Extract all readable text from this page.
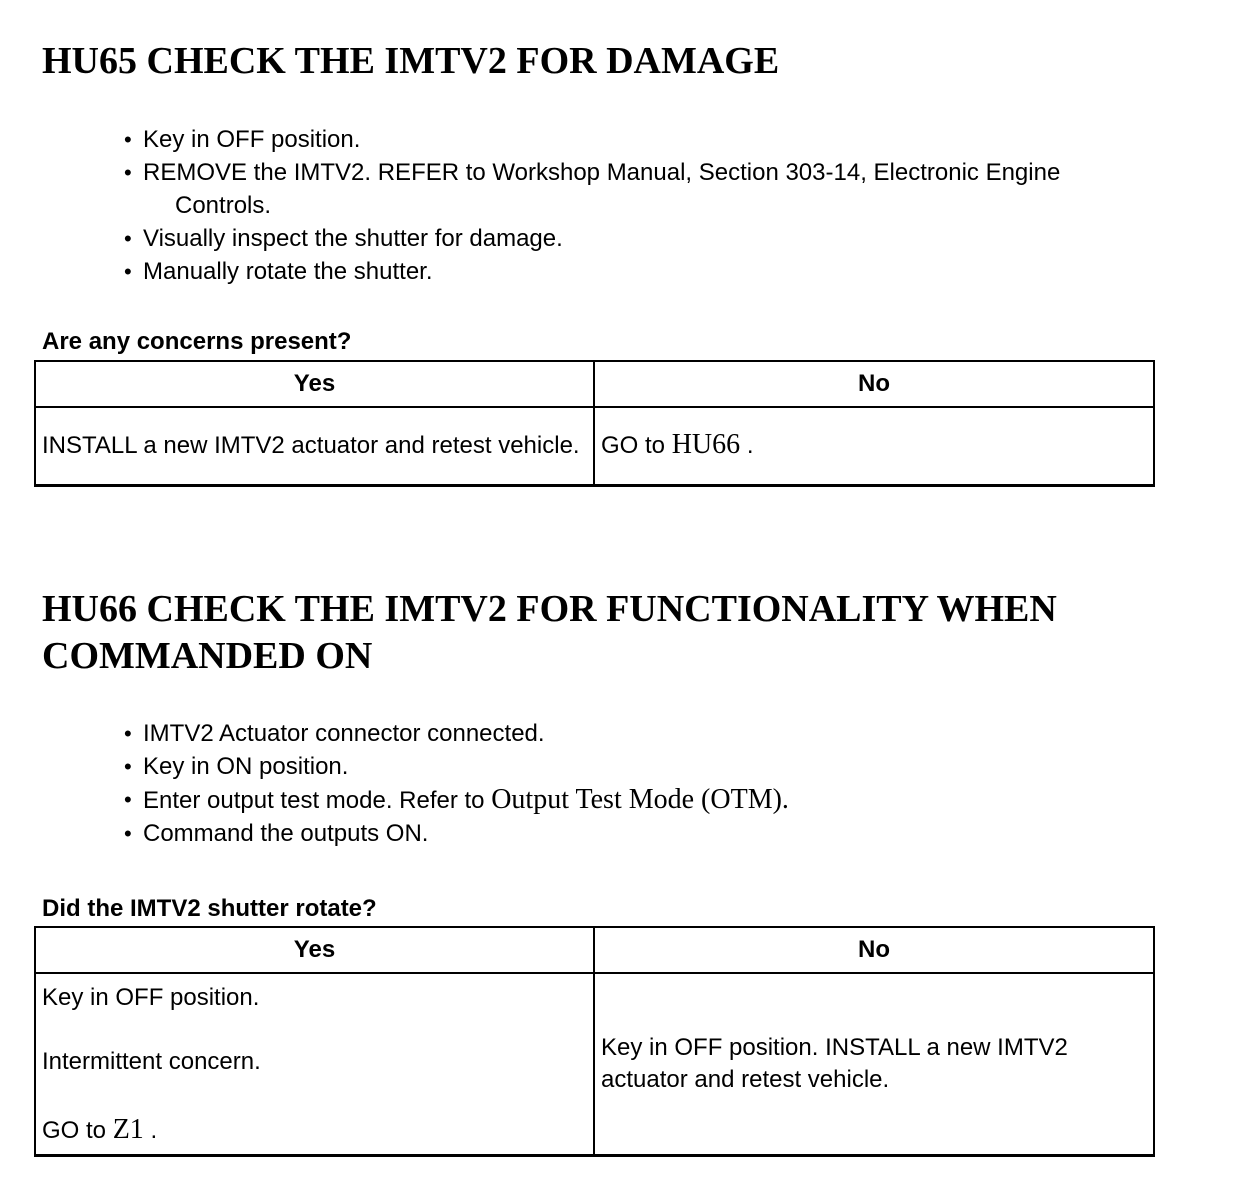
HU65 CHECK THE IMTV2 FOR DAMAGE
• Key in OFF position.
• REMOVE the IMTV2. REFER to Workshop Manual, Section 303-14, Electronic Engine
Controls.
• Visually inspect the shutter for damage.
• Manually rotate the shutter.

Are any concerns present?

Yes	No
INSTALL a new IMTV2 actuator and retest vehicle.	GO to HU66 .
HU66 CHECK THE IMTV2 FOR FUNCTIONALITY WHEN
COMMANDED ON
• IMTV2 Actuator connector connected.
• Key in ON position.
• Enter output test mode. Refer to Output Test Mode (OTM).
• Command the outputs ON.

Did the IMTV2 shutter rotate?

Yes	No

Key in OFF position.

Intermittent concern.

GO to Z1 .	Key in OFF position. INSTALL a new IMTV2 actuator and retest vehicle.
